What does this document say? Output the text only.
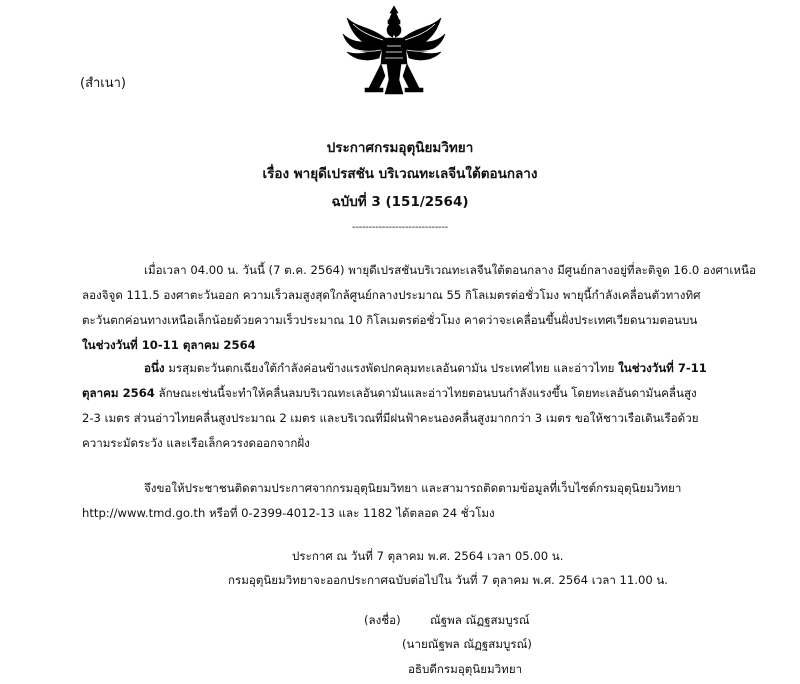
(สำเนา)
ประกาศกรมอุตุนิยมวิทยา
เรื่อง พายุดีเปรสชัน บริเวณทะเลจีนใต้ตอนกลาง
ฉบับที่ 3 (151/2564)
-----------------------------
เมื่อเวลา 04.00 น. วันนี้ (7 ต.ค. 2564) พายุดีเปรสชันบริเวณทะเลจีนใต้ตอนกลาง มีศูนย์กลางอยู่ที่ละติจูด 16.0 องศาเหนือ
ลองจิจูด 111.5 องศาตะวันออก ความเร็วลมสูงสุดใกล้ศูนย์กลางประมาณ 55 กิโลเมตรต่อชั่วโมง พายุนี้กำลังเคลื่อนตัวทางทิศ
ตะวันตกค่อนทางเหนือเล็กน้อยด้วยความเร็วประมาณ 10 กิโลเมตรต่อชั่วโมง คาดว่าจะเคลื่อนขึ้นฝั่งประเทศเวียดนามตอนบน
ในช่วงวันที่ 10-11 ตุลาคม 2564
อนึ่ง มรสุมตะวันตกเฉียงใต้กำลังค่อนข้างแรงพัดปกคลุมทะเลอันดามัน ประเทศไทย และอ่าวไทย ในช่วงวันที่ 7-11
ตุลาคม 2564 ลักษณะเช่นนี้จะทำให้คลื่นลมบริเวณทะเลอันดามันและอ่าวไทยตอนบนกำลังแรงขึ้น โดยทะเลอันดามันคลื่นสูง
2-3 เมตร ส่วนอ่าวไทยคลื่นสูงประมาณ 2 เมตร และบริเวณที่มีฝนฟ้าคะนองคลื่นสูงมากกว่า 3 เมตร ขอให้ชาวเรือเดินเรือด้วย
ความระมัดระวัง และเรือเล็กควรงดออกจากฝั่ง
จึงขอให้ประชาชนติดตามประกาศจากกรมอุตุนิยมวิทยา และสามารถติดตามข้อมูลที่เว็บไซต์กรมอุตุนิยมวิทยา
http://www.tmd.go.th หรือที่ 0-2399-4012-13 และ 1182 ได้ตลอด 24 ชั่วโมง
ประกาศ ณ วันที่ 7 ตุลาคม พ.ศ. 2564 เวลา 05.00 น.
กรมอุตุนิยมวิทยาจะออกประกาศฉบับต่อไปใน วันที่ 7 ตุลาคม พ.ศ. 2564 เวลา 11.00 น.
(ลงชื่อ)	ณัฐพล ณัฏฐสมบูรณ์
(นายณัฐพล ณัฏฐสมบูรณ์)
อธิบดีกรมอุตุนิยมวิทยา
